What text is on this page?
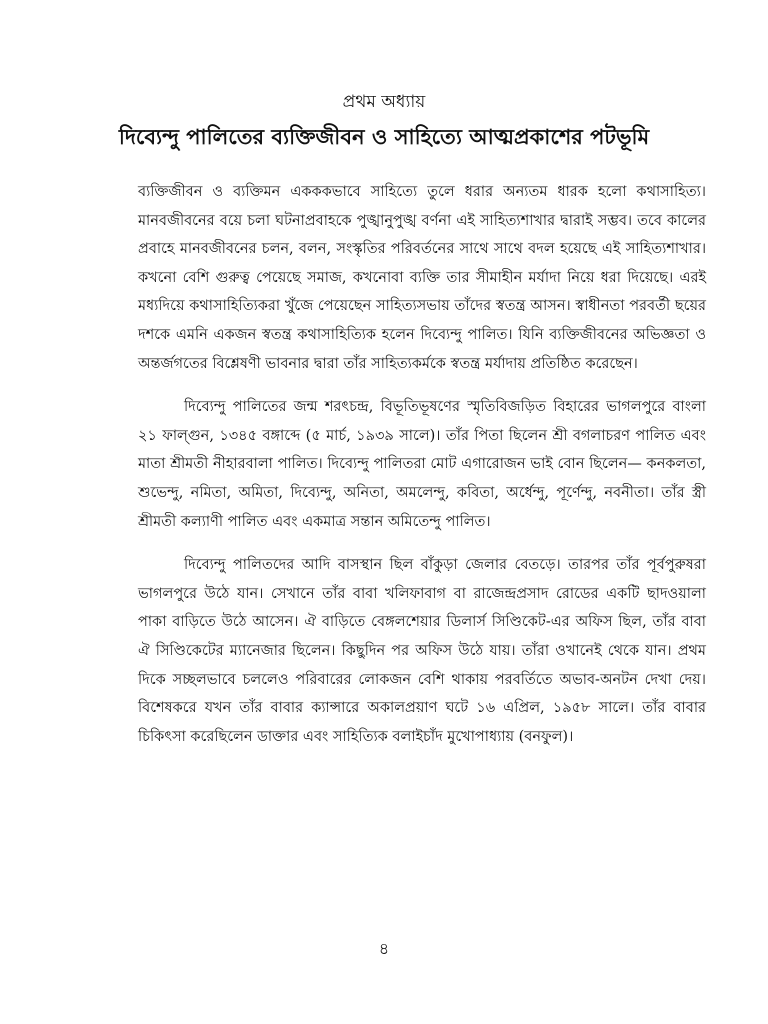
প্রথম অধ্যায়
দিব্যেন্দু পালিতের ব্যক্তিজীবন ও সাহিত্যে আত্মপ্রকাশের পটভূমি

ব্যক্তিজীবন ও ব্যক্তিমন একককভাবে সাহিত্যে তুলে ধরার অন্যতম ধারক হলো কথাসাহিত্য। মানবজীবনের বয়ে চলা ঘটনাপ্রবাহকে পুঙ্খানুপুঙ্খ বর্ণনা এই সাহিত্যশাখার দ্বারাই সম্ভব। তবে কালের প্রবাহে মানবজীবনের চলন, বলন, সংস্কৃতির পরিবর্তনের সাথে সাথে বদল হয়েছে এই সাহিত্যশাখার। কখনো বেশি গুরুত্ব পেয়েছে সমাজ, কখনোবা ব্যক্তি তার সীমাহীন মর্যাদা নিয়ে ধরা দিয়েছে। এরই মধ্যদিয়ে কথাসাহিত্যিকরা খুঁজে পেয়েছেন সাহিত্যসভায় তাঁদের স্বতন্ত্র আসন। স্বাধীনতা পরবর্তী ছয়ের দশকে এমনি একজন স্বতন্ত্র কথাসাহিত্যিক হলেন দিব্যেন্দু পালিত। যিনি ব্যক্তিজীবনের অভিজ্ঞতা ও অন্তর্জগতের বিশ্লেষণী ভাবনার দ্বারা তাঁর সাহিত্যকর্মকে স্বতন্ত্র মর্যাদায় প্রতিষ্ঠিত করেছেন।

দিব্যেন্দু পালিতের জন্ম শরৎচন্দ্র, বিভূতিভূষণের স্মৃতিবিজড়িত বিহারের ভাগলপুরে বাংলা ২১ ফাল্গুন, ১৩৪৫ বঙ্গাব্দে (৫ মার্চ, ১৯৩৯ সালে)। তাঁর পিতা ছিলেন শ্রী বগলাচরণ পালিত এবং মাতা শ্রীমতী নীহারবালা পালিত। দিব্যেন্দু পালিতরা মোট এগারোজন ভাই বোন ছিলেন— কনকলতা, শুভেন্দু, নমিতা, অমিতা, দিব্যেন্দু, অনিতা, অমলেন্দু, কবিতা, অর্ধেন্দু, পূর্ণেন্দু, নবনীতা। তাঁর স্ত্রী শ্রীমতী কল্যাণী পালিত এবং একমাত্র সন্তান অমিতেন্দু পালিত।

দিব্যেন্দু পালিতদের আদি বাসস্থান ছিল বাঁকুড়া জেলার বেতড়ে। তারপর তাঁর পূর্বপুরুষরা ভাগলপুরে উঠে যান। সেখানে তাঁর বাবা খলিফাবাগ বা রাজেন্দ্রপ্রসাদ রোডের একটি ছাদওয়ালা পাকা বাড়িতে উঠে আসেন। ঐ বাড়িতে বেঙ্গলশেয়ার ডিলার্স সিণ্ডিকেট-এর অফিস ছিল, তাঁর বাবা ঐ সিণ্ডিকেটের ম্যানেজার ছিলেন। কিছুদিন পর অফিস উঠে যায়। তাঁরা ওখানেই থেকে যান। প্রথম দিকে সচ্ছলভাবে চললেও পরিবারের লোকজন বেশি থাকায় পরবর্তিতে অভাব-অনটন দেখা দেয়। বিশেষকরে যখন তাঁর বাবার ক্যান্সারে অকালপ্রয়াণ ঘটে ১৬ এপ্রিল, ১৯৫৮ সালে। তাঁর বাবার চিকিৎসা করেছিলেন ডাক্তার এবং সাহিত্যিক বলাইচাঁদ মুখোপাধ্যায় (বনফুল)।

৪
